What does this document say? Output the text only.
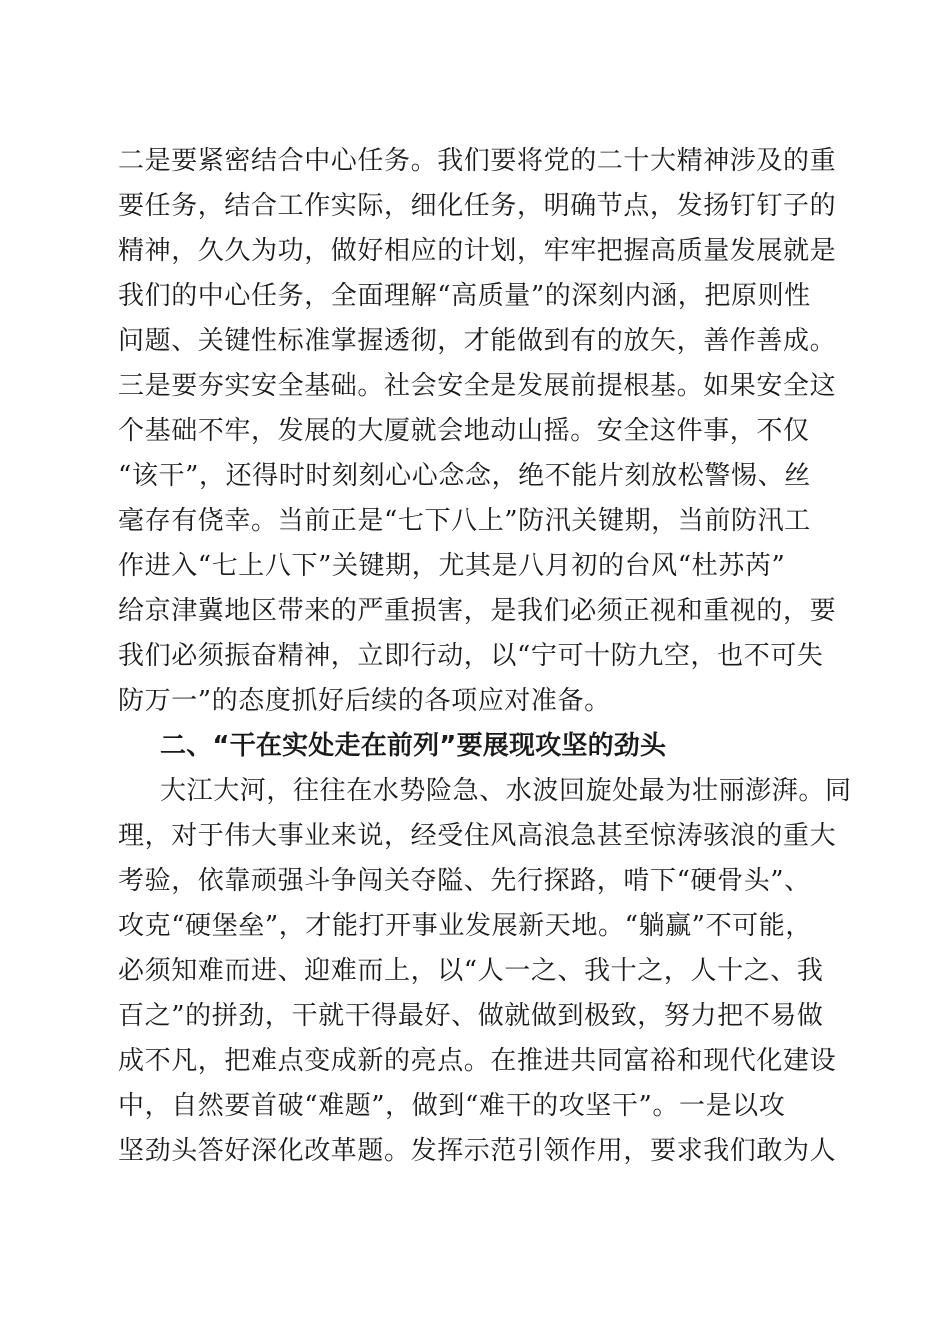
二是要紧密结合中心任务。我们要将党的二十大精神涉及的重
要任务，结合工作实际，细化任务，明确节点，发扬钉钉子的
精神，久久为功，做好相应的计划，牢牢把握高质量发展就是
我们的中心任务，全面理解“高质量”的深刻内涵，把原则性
问题、关键性标准掌握透彻，才能做到有的放矢，善作善成。
三是要夯实安全基础。社会安全是发展前提根基。如果安全这
个基础不牢，发展的大厦就会地动山摇。安全这件事，不仅
“该干”，还得时时刻刻心心念念，绝不能片刻放松警惕、丝
毫存有侥幸。当前正是“七下八上”防汛关键期，当前防汛工
作进入“七上八下”关键期，尤其是八月初的台风“杜苏芮”
给京津冀地区带来的严重损害，是我们必须正视和重视的，要
我们必须振奋精神，立即行动，以“宁可十防九空，也不可失
防万一”的态度抓好后续的各项应对准备。
二、“干在实处走在前列”要展现攻坚的劲头
大江大河，往往在水势险急、水波回旋处最为壮丽澎湃。同
理，对于伟大事业来说，经受住风高浪急甚至惊涛骇浪的重大
考验，依靠顽强斗争闯关夺隘、先行探路，啃下“硬骨头”、
攻克“硬堡垒”，才能打开事业发展新天地。“躺赢”不可能，
必须知难而进、迎难而上，以“人一之、我十之，人十之、我
百之”的拼劲，干就干得最好、做就做到极致，努力把不易做
成不凡，把难点变成新的亮点。在推进共同富裕和现代化建设
中，自然要首破“难题”，做到“难干的攻坚干”。一是以攻
坚劲头答好深化改革题。发挥示范引领作用，要求我们敢为人
